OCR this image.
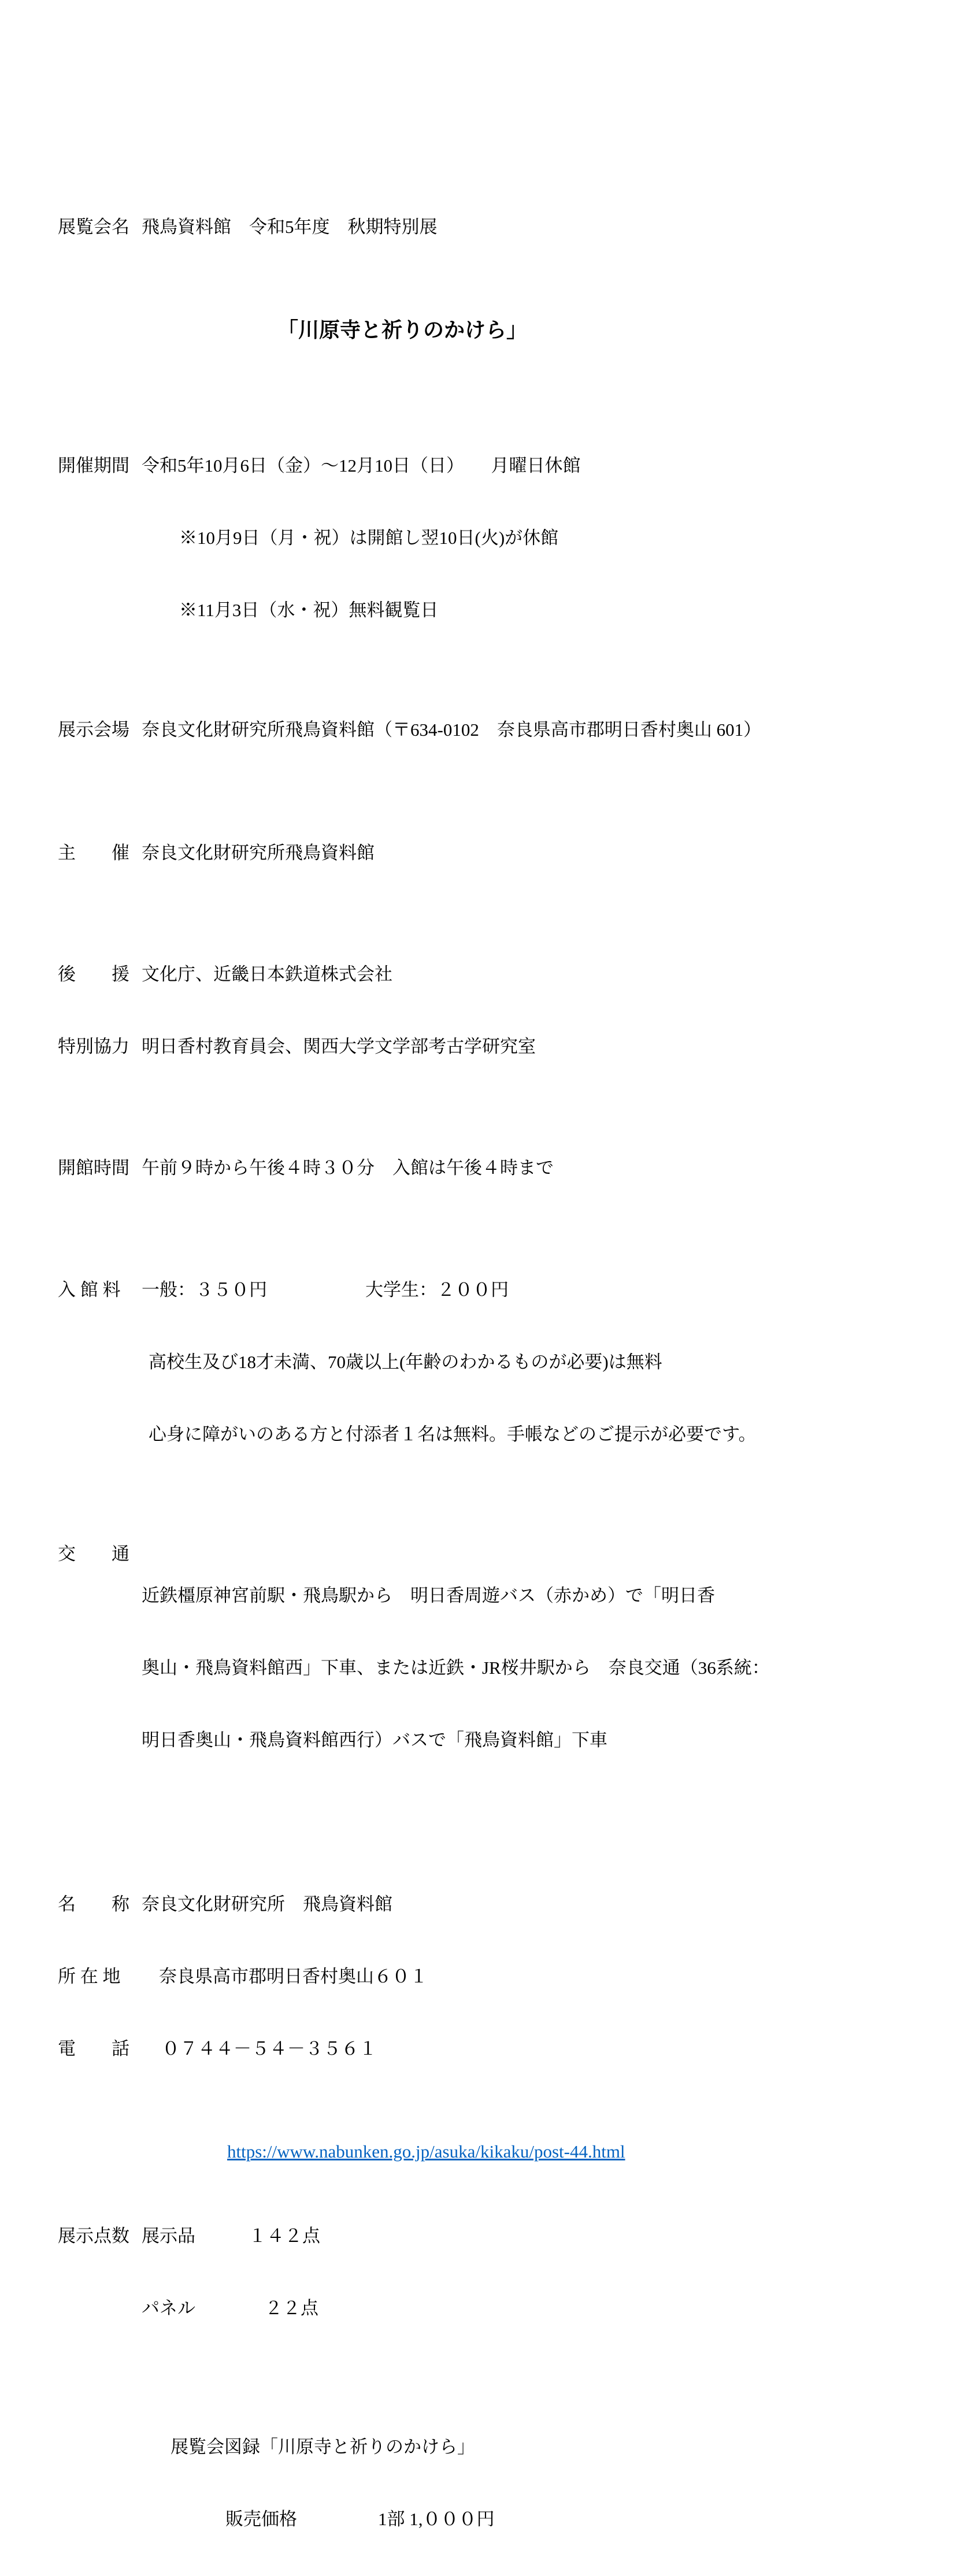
展覧会名 飛鳥資料館　令和5年度　秋期特別展

「川原寺と祈りのかけら」

開催期間 令和5年10月6日（金）～12月10日（日）　　月曜日休館

※10月9日（月・祝）は開館し翌10日(火)が休館

※11月3日（水・祝）無料観覧日

展示会場 奈良文化財研究所飛鳥資料館（〒634-0102　奈良県高市郡明日香村奥山 601）

主　　催 奈良文化財研究所飛鳥資料館

後　　援 文化庁、近畿日本鉄道株式会社

特別協力 明日香村教育員会、関西大学文学部考古学研究室

開館時間 午前９時から午後４時３０分　入館は午後４時まで

入 館 料	一般：３５０円	大学生：２００円

高校生及び18才未満、70歳以上(年齢のわかるものが必要)は無料

心身に障がいのある方と付添者１名は無料。手帳などのご提示が必要です。

交　　通

近鉄橿原神宮前駅・飛鳥駅から　明日香周遊バス（赤かめ）で「明日香

奥山・飛鳥資料館西」下車、または近鉄・JR桜井駅から　奈良交通（36系統：

明日香奥山・飛鳥資料館西行）バスで「飛鳥資料館」下車

名　　称 奈良文化財研究所　飛鳥資料館

所 在 地	奈良県高市郡明日香村奥山６０１

電　　話	０７４４－５４－３５６１

https://www.nabunken.go.jp/asuka/kikaku/post-44.html

展示点数 展示品	１４２点

パネル	２２点

展覧会図録「川原寺と祈りのかけら」

販売価格	1部 1,０００円
